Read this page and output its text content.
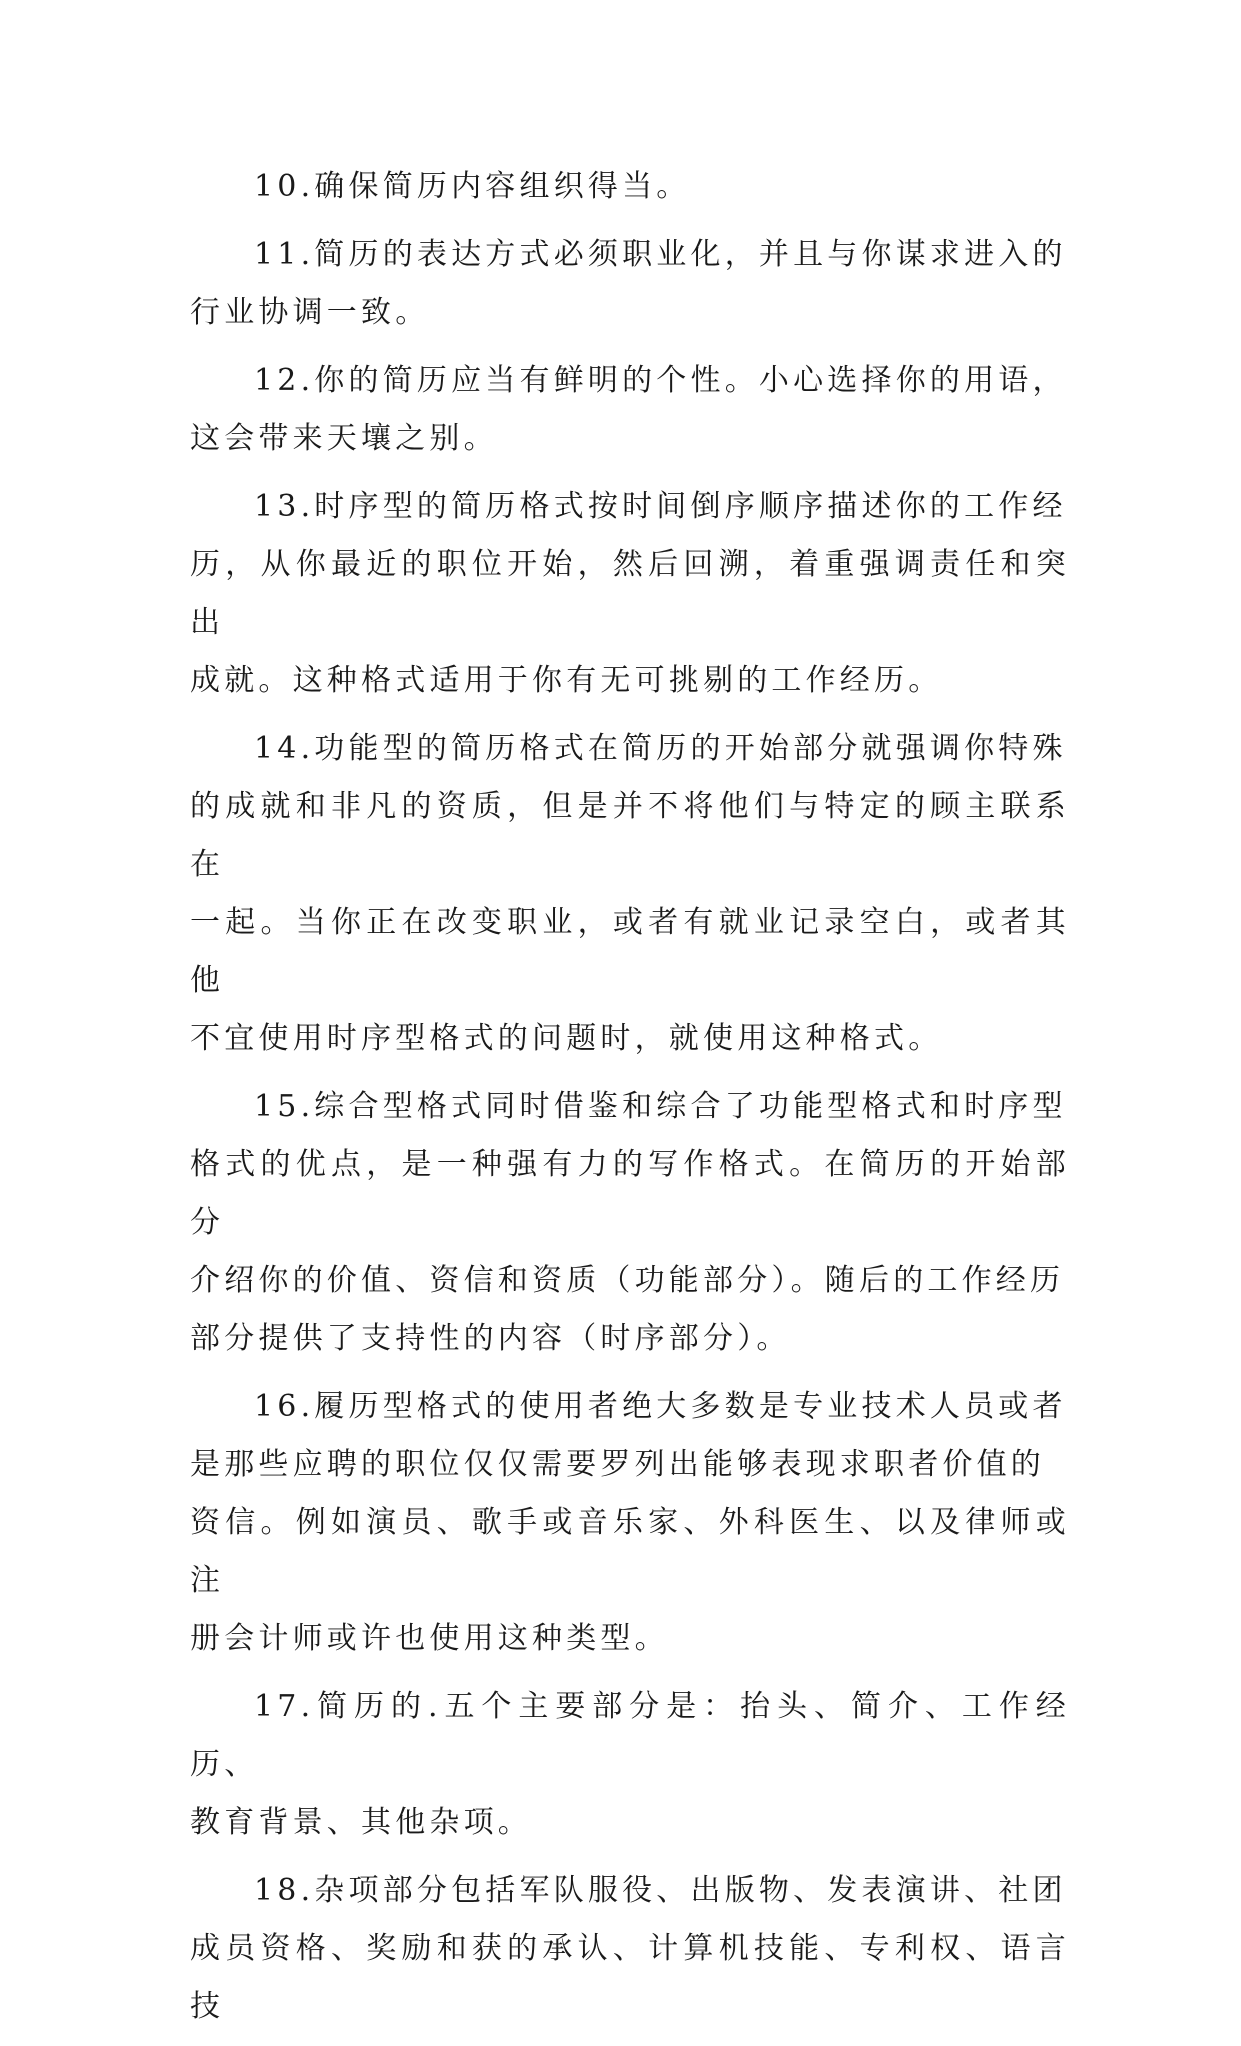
10.确保简历内容组织得当。

11.简历的表达方式必须职业化，并且与你谋求进入的
行业协调一致。

12.你的简历应当有鲜明的个性。小心选择你的用语，
这会带来天壤之别。

13.时序型的简历格式按时间倒序顺序描述你的工作经
历，从你最近的职位开始，然后回溯，着重强调责任和突出
成就。这种格式适用于你有无可挑剔的工作经历。

14.功能型的简历格式在简历的开始部分就强调你特殊
的成就和非凡的资质，但是并不将他们与特定的顾主联系在
一起。当你正在改变职业，或者有就业记录空白，或者其他
不宜使用时序型格式的问题时，就使用这种格式。

15.综合型格式同时借鉴和综合了功能型格式和时序型
格式的优点，是一种强有力的写作格式。在简历的开始部分
介绍你的价值、资信和资质（功能部分）。随后的工作经历
部分提供了支持性的内容（时序部分）。

16.履历型格式的使用者绝大多数是专业技术人员或者
是那些应聘的职位仅仅需要罗列出能够表现求职者价值的
资信。例如演员、歌手或音乐家、外科医生、以及律师或注
册会计师或许也使用这种类型。

17.简历的.五个主要部分是：抬头、简介、工作经历、
教育背景、其他杂项。

18.杂项部分包括军队服役、出版物、发表演讲、社团
成员资格、奖励和获的承认、计算机技能、专利权、语言技
